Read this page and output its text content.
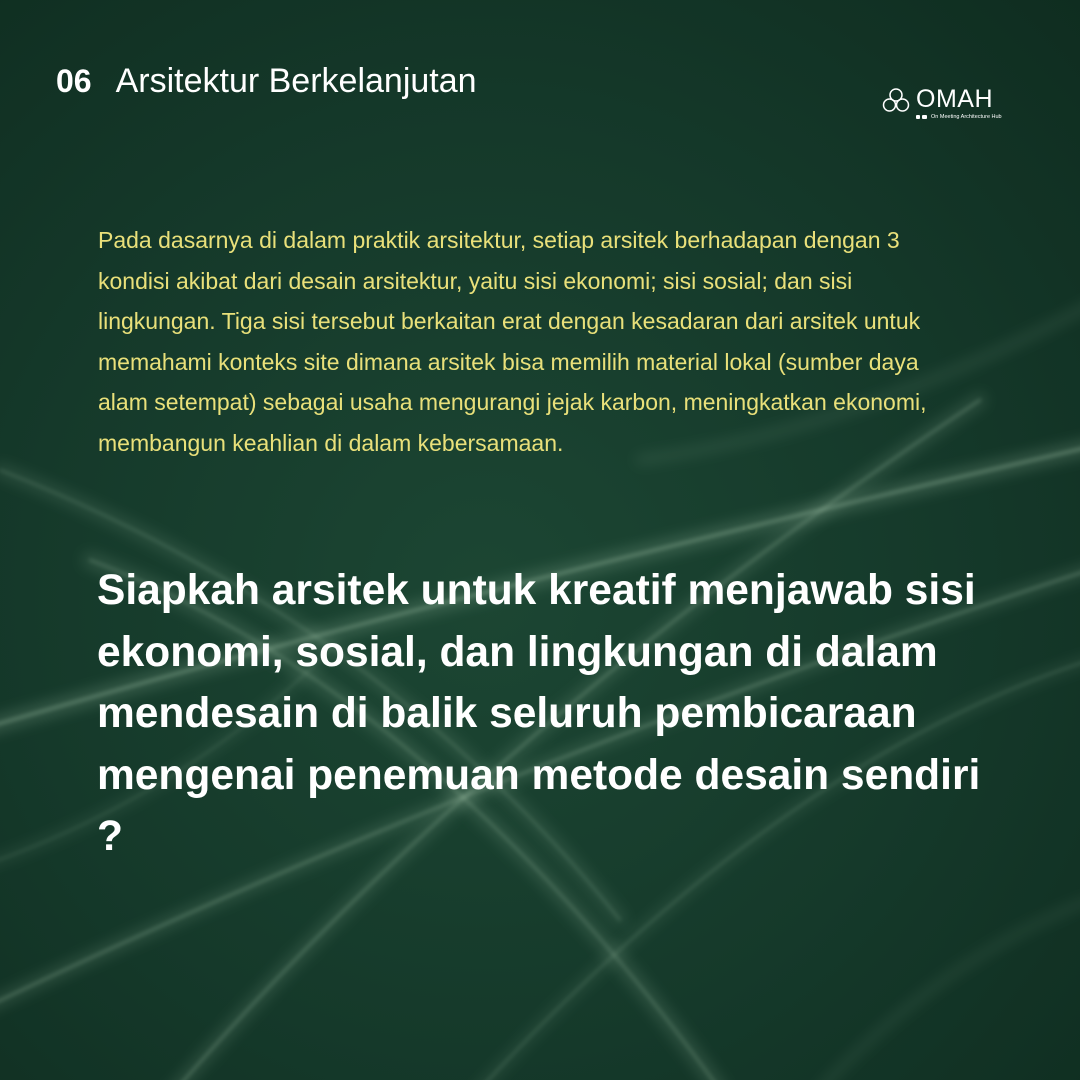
06 Arsitektur Berkelanjutan	OMAH
On Meeting Architecture Hub

Pada dasarnya di dalam praktik arsitektur, setiap arsitek berhadapan dengan 3 kondisi akibat dari desain arsitektur, yaitu sisi ekonomi; sisi sosial; dan sisi lingkungan. Tiga sisi tersebut berkaitan erat dengan kesadaran dari arsitek untuk memahami konteks site dimana arsitek bisa memilih material lokal (sumber daya alam setempat) sebagai usaha mengurangi jejak karbon, meningkatkan ekonomi, membangun keahlian di dalam kebersamaan.

Siapkah arsitek untuk kreatif menjawab sisi ekonomi, sosial, dan lingkungan di dalam mendesain di balik seluruh pembicaraan mengenai penemuan metode desain sendiri ?
